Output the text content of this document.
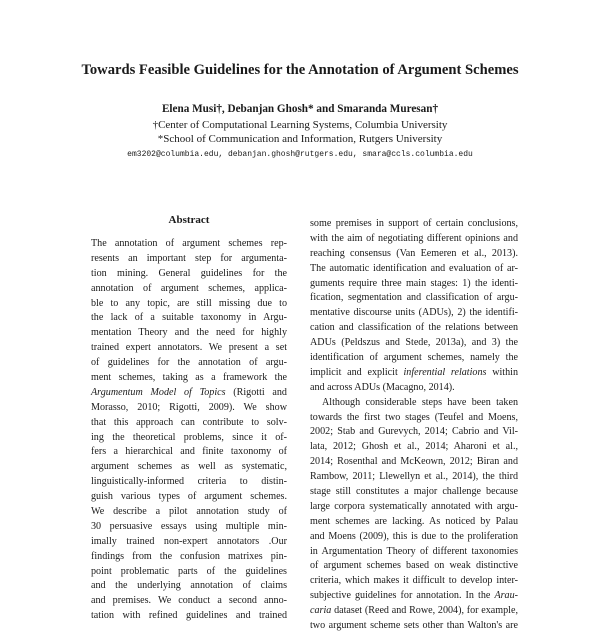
Towards Feasible Guidelines for the Annotation of Argument Schemes
Elena Musi†, Debanjan Ghosh* and Smaranda Muresan†
†Center of Computational Learning Systems, Columbia University
*School of Communication and Information, Rutgers University
em3202@columbia.edu, debanjan.ghosh@rutgers.edu, smara@ccls.columbia.edu
Abstract
The annotation of argument schemes rep-
resents an important step for argumenta-
tion mining. General guidelines for the
annotation of argument schemes, applica-
ble to any topic, are still missing due to
the lack of a suitable taxonomy in Argu-
mentation Theory and the need for highly
trained expert annotators. We present a set
of guidelines for the annotation of argu-
ment schemes, taking as a framework the
Argumentum Model of Topics (Rigotti and
Morasso, 2010; Rigotti, 2009). We show
that this approach can contribute to solv-
ing the theoretical problems, since it of-
fers a hierarchical and finite taxonomy of
argument schemes as well as systematic,
linguistically-informed criteria to distin-
guish various types of argument schemes.
We describe a pilot annotation study of
30 persuasive essays using multiple min-
imally trained non-expert annotators .Our
findings from the confusion matrixes pin-
point problematic parts of the guidelines
and the underlying annotation of claims
and premises. We conduct a second anno-
tation with refined guidelines and trained
some premises in support of certain conclusions,
with the aim of negotiating different opinions and
reaching consensus (Van Eemeren et al., 2013).
The automatic identification and evaluation of ar-
guments require three main stages: 1) the identi-
fication, segmentation and classification of argu-
mentative discourse units (ADUs), 2) the identifi-
cation and classification of the relations between
ADUs (Peldszus and Stede, 2013a), and 3) the
identification of argument schemes, namely the
implicit and explicit inferential relations within
and across ADUs (Macagno, 2014).
Although considerable steps have been taken
towards the first two stages (Teufel and Moens,
2002; Stab and Gurevych, 2014; Cabrio and Vil-
lata, 2012; Ghosh et al., 2014; Aharoni et al.,
2014; Rosenthal and McKeown, 2012; Biran and
Rambow, 2011; Llewellyn et al., 2014), the third
stage still constitutes a major challenge because
large corpora systematically annotated with argu-
ment schemes are lacking. As noticed by Palau
and Moens (2009), this is due to the proliferation
in Argumentation Theory of different taxonomies
of argument schemes based on weak distinctive
criteria, which makes it difficult to develop inter-
subjective guidelines for annotation. In the Arau-
caria dataset (Reed and Rowe, 2004), for example,
two argument scheme sets other than Walton's are
